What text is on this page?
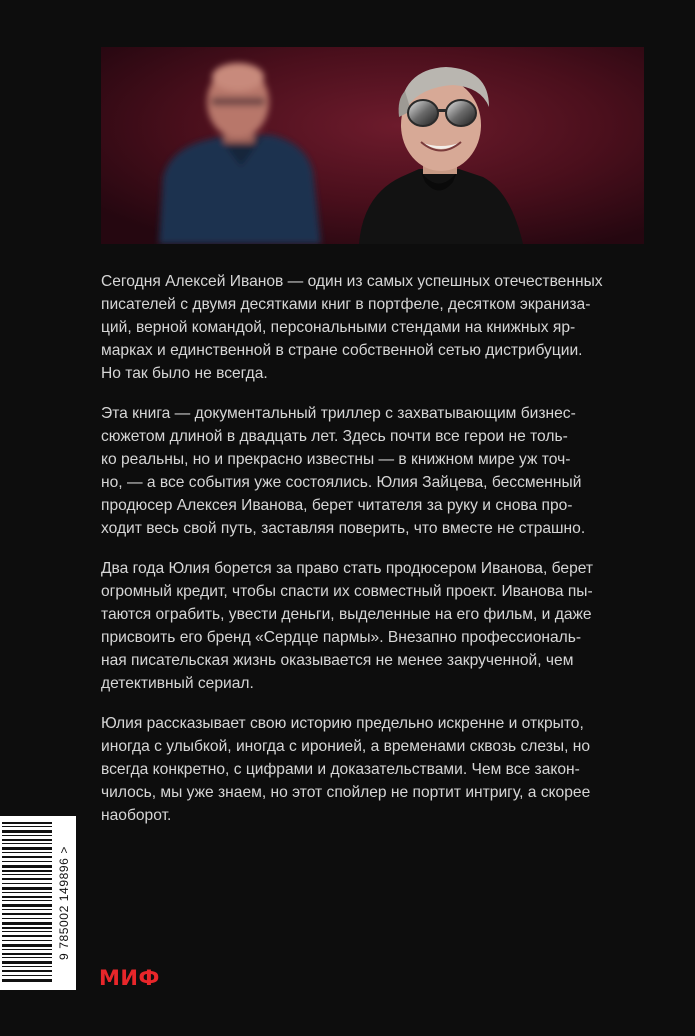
Сегодня Алексей Иванов — один из самых успешных отечественных
писателей с двумя десятками книг в портфеле, десятком экраниза-
ций, верной командой, персональными стендами на книжных яр-
марках и единственной в стране собственной сетью дистрибуции.
Но так было не всегда.

Эта книга — документальный триллер с захватывающим бизнес-
сюжетом длиной в двадцать лет. Здесь почти все герои не толь-
ко реальны, но и прекрасно известны — в книжном мире уж точ-
но, — а все события уже состоялись. Юлия Зайцева, бессменный
продюсер Алексея Иванова, берет читателя за руку и снова про-
ходит весь свой путь, заставляя поверить, что вместе не страшно.

Два года Юлия борется за право стать продюсером Иванова, берет
огромный кредит, чтобы спасти их совместный проект. Иванова пы-
таются ограбить, увести деньги, выделенные на его фильм, и даже
присвоить его бренд «Сердце пармы». Внезапно профессиональ-
ная писательская жизнь оказывается не менее закрученной, чем
детективный сериал.

Юлия рассказывает свою историю предельно искренне и открыто,
иногда с улыбкой, иногда с иронией, а временами сквозь слезы, но
всегда конкретно, с цифрами и доказательствами. Чем все закон-
чилось, мы уже знаем, но этот спойлер не портит интригу, а скорее
наоборот.

9 785002 149896 >
МИФ
